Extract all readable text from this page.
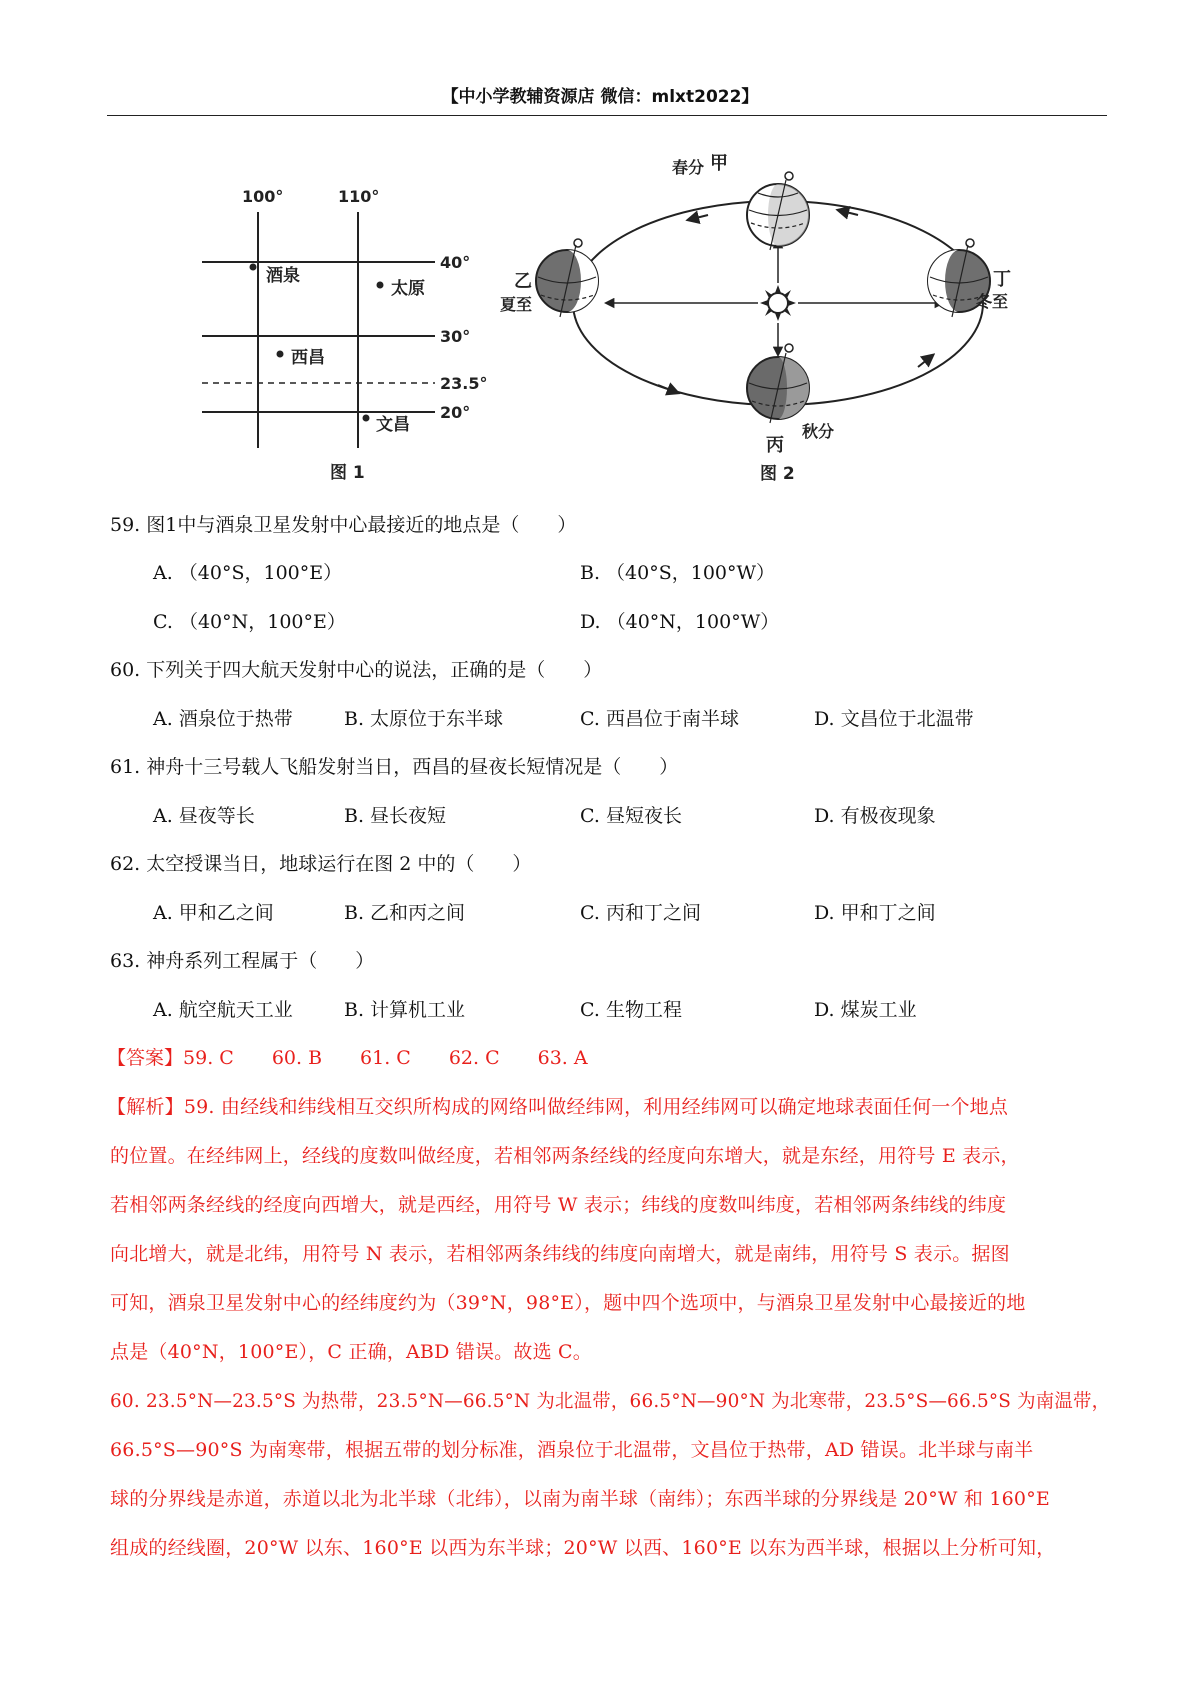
【中小学教辅资源店 微信：mlxt2022】
100°	110°
40°
30°
23.5°
20°
酒泉
太原
西昌
文昌
图 1
春分 甲
乙
夏至
丁
冬至
秋分
丙
图 2
59. 图1中与酒泉卫星发射中心最接近的地点是（　　）
A. （40°S，100°E）	B. （40°S，100°W）
C. （40°N，100°E）	D. （40°N，100°W）
60. 下列关于四大航天发射中心的说法，正确的是（　　）
A. 酒泉位于热带	B. 太原位于东半球	C. 西昌位于南半球	D. 文昌位于北温带
61. 神舟十三号载人飞船发射当日，西昌的昼夜长短情况是（　　）
A. 昼夜等长	B. 昼长夜短	C. 昼短夜长	D. 有极夜现象
62. 太空授课当日，地球运行在图 2 中的（　　）
A. 甲和乙之间	B. 乙和丙之间	C. 丙和丁之间	D. 甲和丁之间
63. 神舟系列工程属于（　　）
A. 航空航天工业	B. 计算机工业	C. 生物工程	D. 煤炭工业
【答案】59. C 60. B 61. C 62. C 63. A
【解析】59. 由经线和纬线相互交织所构成的网络叫做经纬网，利用经纬网可以确定地球表面任何一个地点
的位置。在经纬网上，经线的度数叫做经度，若相邻两条经线的经度向东增大，就是东经，用符号 E 表示，
若相邻两条经线的经度向西增大，就是西经，用符号 W 表示；纬线的度数叫纬度，若相邻两条纬线的纬度
向北增大，就是北纬，用符号 N 表示，若相邻两条纬线的纬度向南增大，就是南纬，用符号 S 表示。据图
可知，酒泉卫星发射中心的经纬度约为（39°N，98°E），题中四个选项中，与酒泉卫星发射中心最接近的地
点是（40°N，100°E），C 正确，ABD 错误。故选 C。
60. 23.5°N—23.5°S 为热带，23.5°N—66.5°N 为北温带，66.5°N—90°N 为北寒带，23.5°S—66.5°S 为南温带，
66.5°S—90°S 为南寒带，根据五带的划分标准，酒泉位于北温带，文昌位于热带，AD 错误。北半球与南半
球的分界线是赤道，赤道以北为北半球（北纬），以南为南半球（南纬）；东西半球的分界线是 20°W 和 160°E
组成的经线圈，20°W 以东、160°E 以西为东半球；20°W 以西、160°E 以东为西半球，根据以上分析可知，
